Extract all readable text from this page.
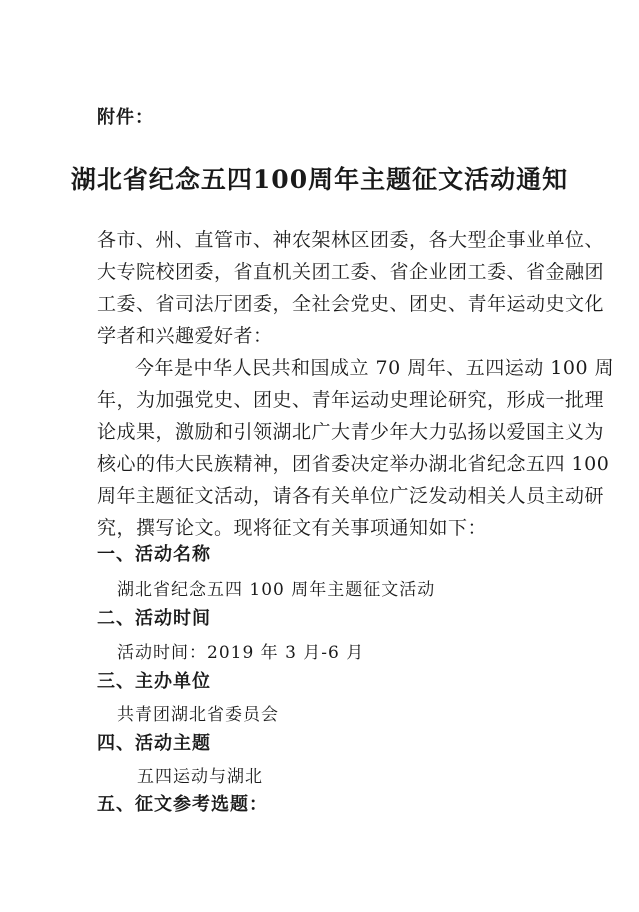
附件：
湖北省纪念五四100周年主题征文活动通知
各市、州、直管市、神农架林区团委，各大型企事业单位、
大专院校团委，省直机关团工委、省企业团工委、省金融团
工委、省司法厅团委，全社会党史、团史、青年运动史文化
学者和兴趣爱好者：
今年是中华人民共和国成立 70 周年、五四运动 100 周
年，为加强党史、团史、青年运动史理论研究，形成一批理
论成果，激励和引领湖北广大青少年大力弘扬以爱国主义为
核心的伟大民族精神，团省委决定举办湖北省纪念五四 100
周年主题征文活动，请各有关单位广泛发动相关人员主动研
究，撰写论文。现将征文有关事项通知如下：
一、活动名称
湖北省纪念五四 100 周年主题征文活动
二、活动时间
活动时间：2019 年 3 月-6 月
三、主办单位
共青团湖北省委员会
四、活动主题
五四运动与湖北
五、征文参考选题：
